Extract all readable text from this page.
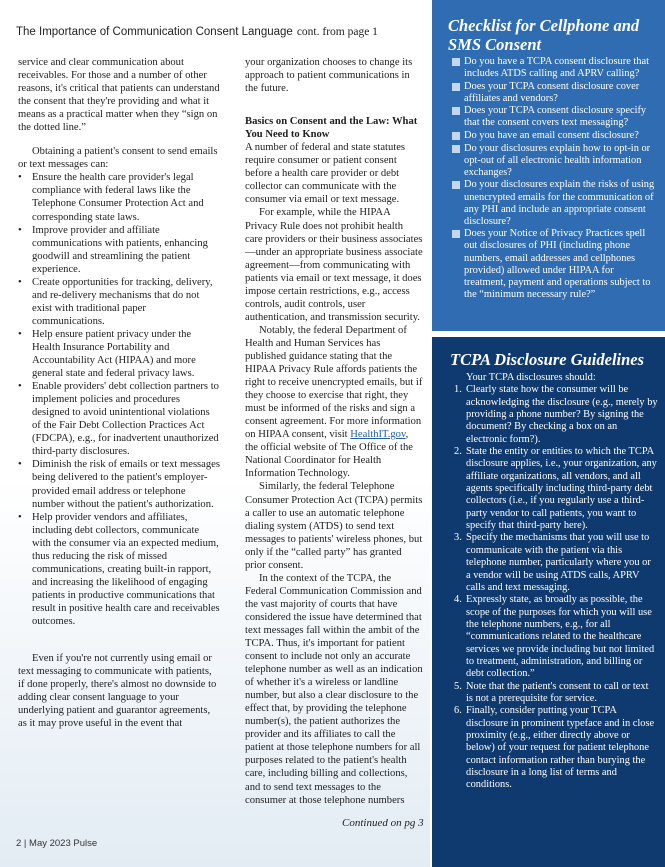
The Importance of Communication Consent Language cont. from page 1

service and clear communication about receivables. For those and a number of other reasons, it's critical that patients can understand the consent that they're providing and what it means as a practical matter when they “sign on the dotted line.”

Obtaining a patient's consent to send emails or text messages can:

• Ensure the health care provider's legal compliance with federal laws like the Telephone Consumer Protection Act and corresponding state laws.
• Improve provider and affiliate communications with patients, enhancing goodwill and streamlining the patient experience.
• Create opportunities for tracking, delivery, and re-delivery mechanisms that do not exist with traditional paper communications.
• Help ensure patient privacy under the Health Insurance Portability and Accountability Act (HIPAA) and more general state and federal privacy laws.
• Enable providers' debt collection partners to implement policies and procedures designed to avoid unintentional violations of the Fair Debt Collection Practices Act (FDCPA), e.g., for inadvertent unauthorized third-party disclosures.
• Diminish the risk of emails or text messages being delivered to the patient's employer-provided email address or telephone number without the patient's authorization.
• Help provider vendors and affiliates, including debt collectors, communicate with the consumer via an expected medium, thus reducing the risk of missed communications, creating built-in rapport, and increasing the likelihood of engaging patients in productive communications that result in positive health care and receivables outcomes.

Even if you're not currently using email or text messaging to communicate with patients, if done properly, there's almost no downside to adding clear consent language to your underlying patient and guarantor agreements, as it may prove useful in the event that

your organization chooses to change its approach to patient communications in the future.

Basics on Consent and the Law: What You Need to Know

A number of federal and state statutes require consumer or patient consent before a health care provider or debt collector can communicate with the consumer via email or text message.

For example, while the HIPAA Privacy Rule does not prohibit health care providers or their business associates—under an appropriate business associate agreement—from communicating with patients via email or text message, it does impose certain restrictions, e.g., access controls, audit controls, user authentication, and transmission security.

Notably, the federal Department of Health and Human Services has published guidance stating that the HIPAA Privacy Rule affords patients the right to receive unencrypted emails, but if they choose to exercise that right, they must be informed of the risks and sign a consent agreement. For more information on HIPAA consent, visit HealthIT.gov, the official website of The Office of the National Coordinator for Health Information Technology.

Similarly, the federal Telephone Consumer Protection Act (TCPA) permits a caller to use an automatic telephone dialing system (ATDS) to send text messages to patients' wireless phones, but only if the “called party” has granted prior consent.

In the context of the TCPA, the Federal Communication Commission and the vast majority of courts that have considered the issue have determined that text messages fall within the ambit of the TCPA. Thus, it's important for patient consent to include not only an accurate telephone number as well as an indication of whether it's a wireless or landline number, but also a clear disclosure to the effect that, by providing the telephone number(s), the patient authorizes the provider and its affiliates to call the patient at those telephone numbers for all purposes related to the patient's health care, including billing and collections, and to send text messages to the consumer at those telephone numbers

Continued on pg 3
2 | May 2023 Pulse
Checklist for Cellphone and SMS Consent
Do you have a TCPA consent disclosure that includes ATDS calling and APRV calling?
Does your TCPA consent disclosure cover affiliates and vendors?
Does your TCPA consent disclosure specify that the consent covers text messaging?
Do you have an email consent disclosure?
Do your disclosures explain how to opt-in or opt-out of all electronic health information exchanges?
Do your disclosures explain the risks of using unencrypted emails for the communication of any PHI and include an appropriate consent disclosure?
Does your Notice of Privacy Practices spell out disclosures of PHI (including phone numbers, email addresses and cellphones provided) allowed under HIPAA for treatment, payment and operations subject to the “minimum necessary rule?”
TCPA Disclosure Guidelines
Your TCPA disclosures should:
1. Clearly state how the consumer will be acknowledging the disclosure (e.g., merely by providing a phone number? By signing the document? By checking a box on an electronic form?).
2. State the entity or entities to which the TCPA disclosure applies, i.e., your organization, any affiliate organizations, all vendors, and all agents specifically including third-party debt collectors (i.e., if you regularly use a third-party vendor to call patients, you want to specify that third-party here).
3. Specify the mechanisms that you will use to communicate with the patient via this telephone number, particularly where you or a vendor will be using ATDS calls, APRV calls and text messaging.
4. Expressly state, as broadly as possible, the scope of the purposes for which you will use the telephone numbers, e.g., for all “communications related to the healthcare services we provide including but not limited to treatment, administration, and billing or debt collection.”
5. Note that the patient's consent to call or text is not a prerequisite for service.
6. Finally, consider putting your TCPA disclosure in prominent typeface and in close proximity (e.g., either directly above or below) of your request for patient telephone contact information rather than burying the disclosure in a long list of terms and conditions.
